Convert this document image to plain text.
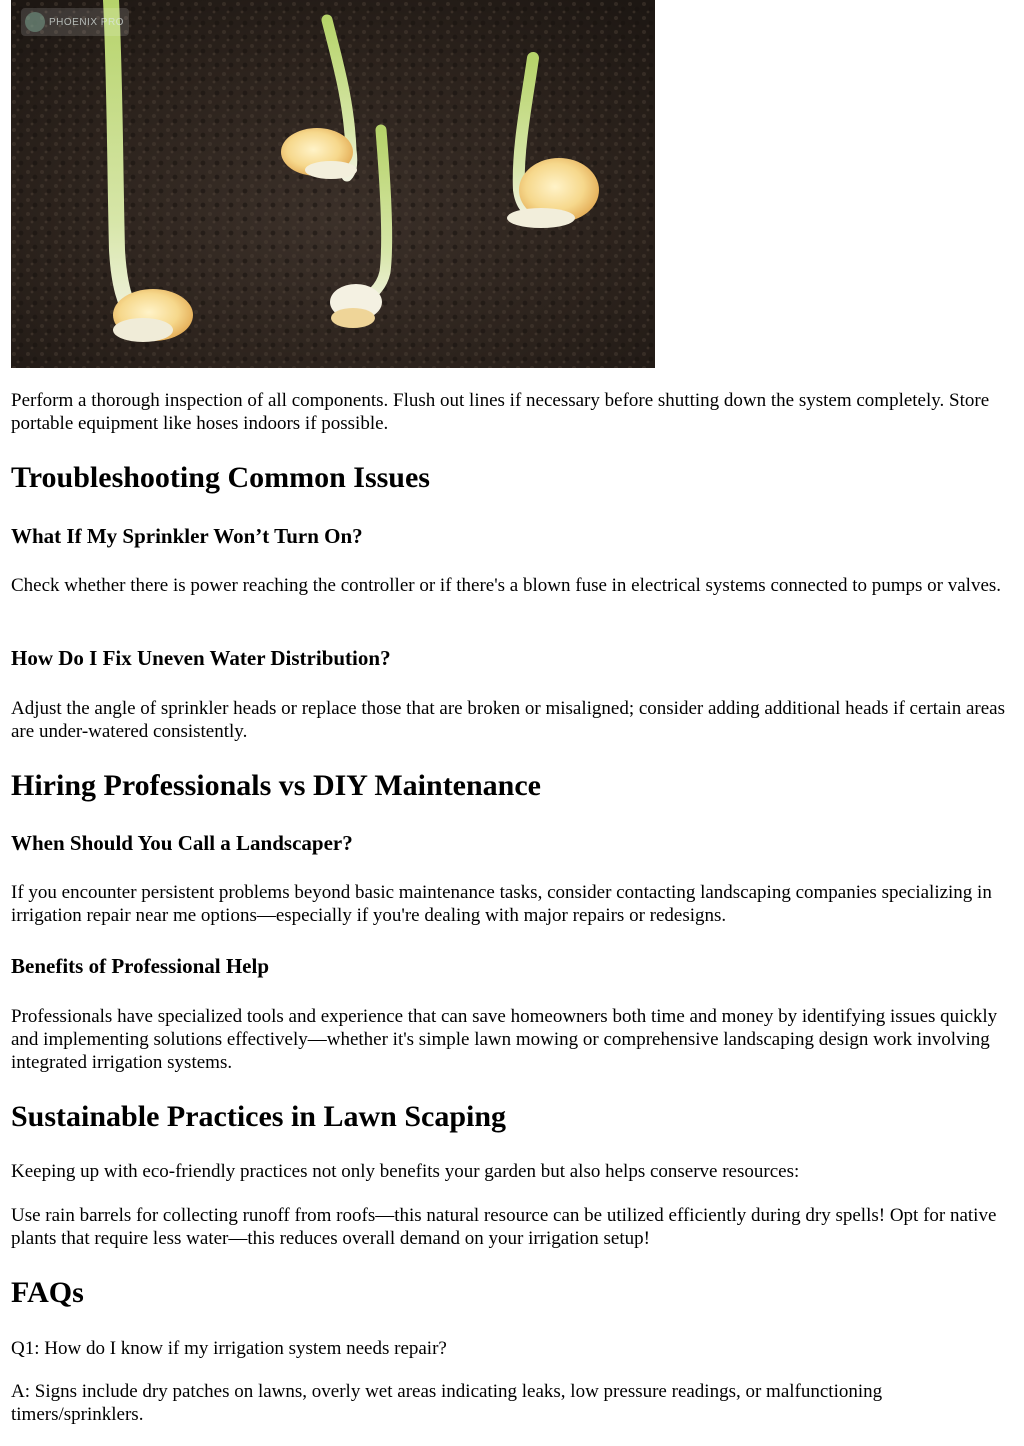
PHOENIX PRO

Perform a thorough inspection of all components. Flush out lines if necessary before shutting down the system completely. Store portable equipment like hoses indoors if possible.

Troubleshooting Common Issues
What If My Sprinkler Won’t Turn On?

Check whether there is power reaching the controller or if there's a blown fuse in electrical systems connected to pumps or valves.

How Do I Fix Uneven Water Distribution?

Adjust the angle of sprinkler heads or replace those that are broken or misaligned; consider adding additional heads if certain areas are under-watered consistently.

Hiring Professionals vs DIY Maintenance
When Should You Call a Landscaper?

If you encounter persistent problems beyond basic maintenance tasks, consider contacting landscaping companies specializing in irrigation repair near me options—especially if you're dealing with major repairs or redesigns.

Benefits of Professional Help

Professionals have specialized tools and experience that can save homeowners both time and money by identifying issues quickly and implementing solutions effectively—whether it's simple lawn mowing or comprehensive landscaping design work involving integrated irrigation systems.

Sustainable Practices in Lawn Scaping

Keeping up with eco-friendly practices not only benefits your garden but also helps conserve resources:

Use rain barrels for collecting runoff from roofs—this natural resource can be utilized efficiently during dry spells! Opt for native plants that require less water—this reduces overall demand on your irrigation setup!

FAQs

Q1: How do I know if my irrigation system needs repair?

A: Signs include dry patches on lawns, overly wet areas indicating leaks, low pressure readings, or malfunctioning timers/sprinklers.
